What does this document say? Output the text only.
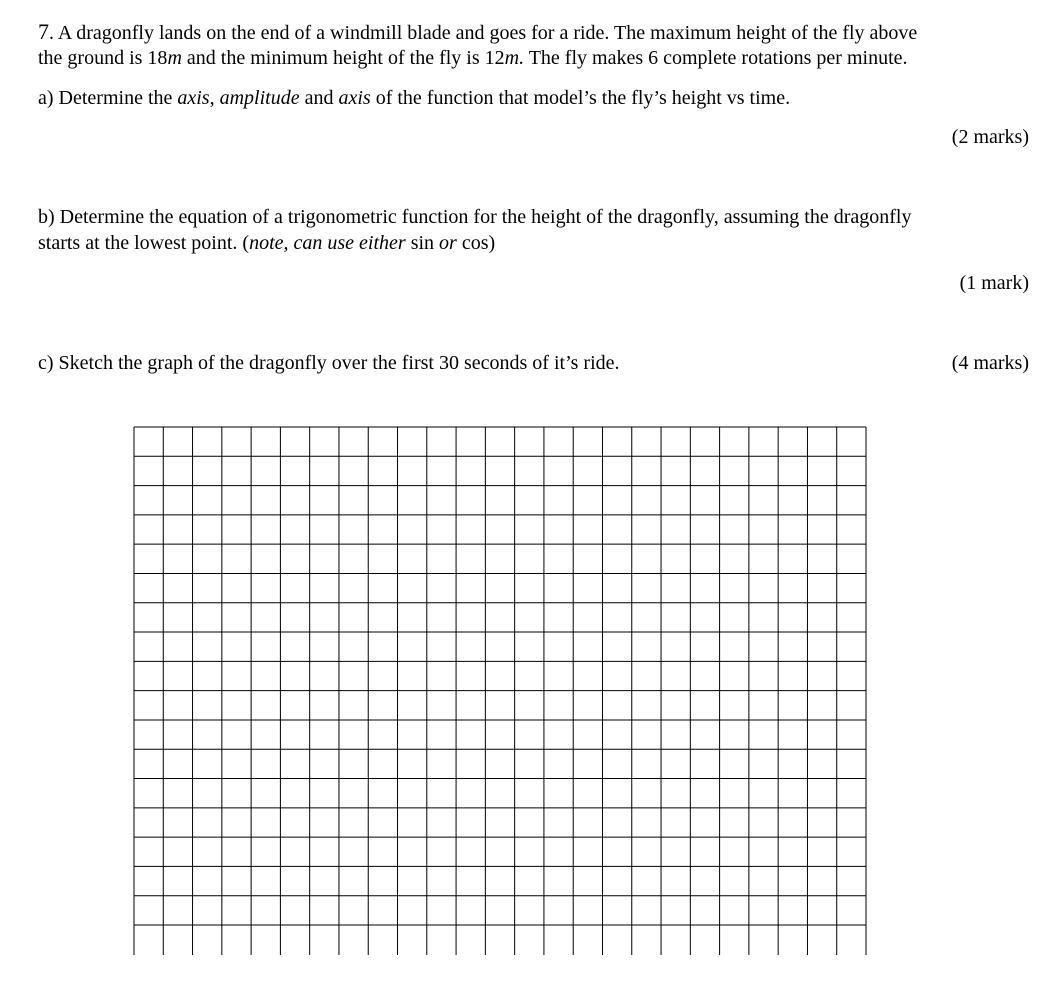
7. A dragonfly lands on the end of a windmill blade and goes for a ride. The maximum height of the fly above
the ground is 18m and the minimum height of the fly is 12m. The fly makes 6 complete rotations per minute.
a) Determine the axis, amplitude and axis of the function that model’s the fly’s height vs time.
(2 marks)
b) Determine the equation of a trigonometric function for the height of the dragonfly, assuming the dragonfly
starts at the lowest point. (note, can use either sin or cos)
(1 mark)
c) Sketch the graph of the dragonfly over the first 30 seconds of it’s ride.	(4 marks)
